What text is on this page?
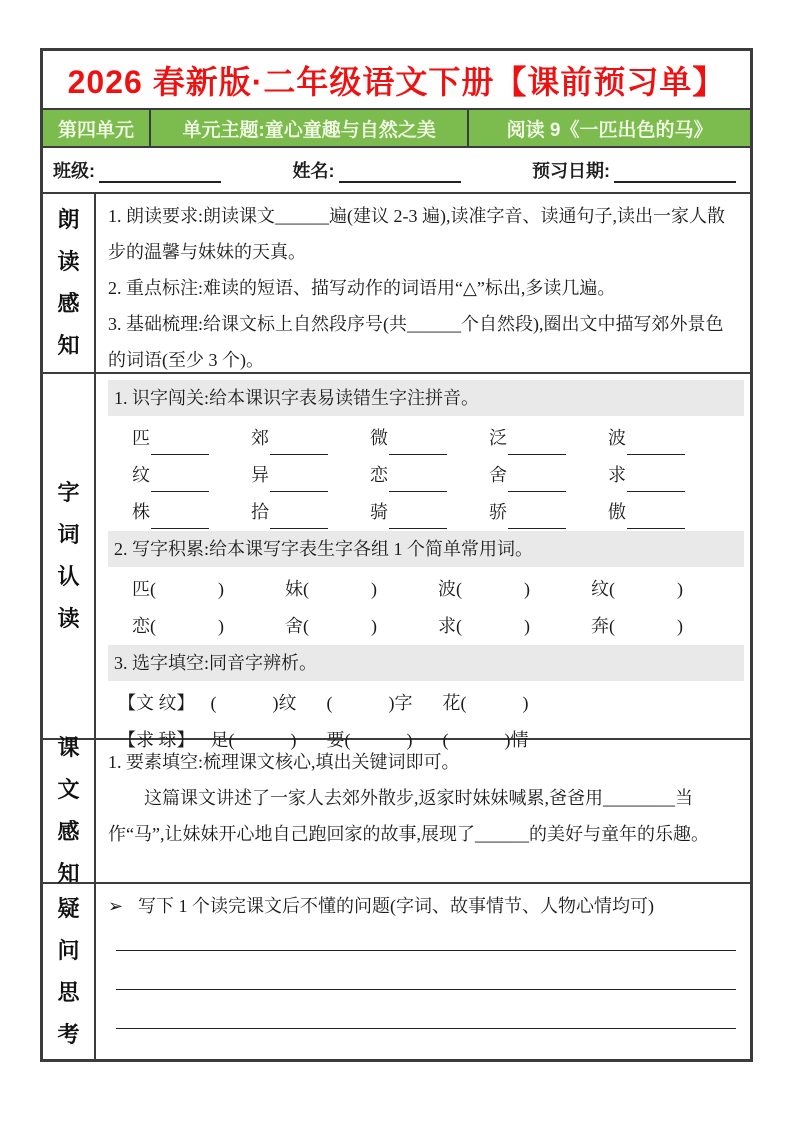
2026 春新版·二年级语文下册【课前预习单】
第四单元	单元主题:童心童趣与自然之美	阅读 9《一匹出色的马》
班级:	姓名:	预习日期:
朗读感知

1. 朗读要求:朗读课文______遍(建议 2-3 遍),读准字音、读通句子,读出一家人散步的温馨与妹妹的天真。

2. 重点标注:难读的短语、描写动作的词语用“△”标出,多读几遍。

3. 基础梳理:给课文标上自然段序号(共______个自然段),圈出文中描写郊外景色的词语(至少 3 个)。

字词认读
1. 识字闯关:给本课识字表易读错生字注拼音。
匹	郊	微	泛	波
纹	异	恋	舍	求
株	拾	骑	骄	傲
2. 写字积累:给本课写字表生字各组 1 个简单常用词。
匹 (	)	妹 (	)	波 (	)	纹 (	)
恋 (	)	舍 (	)	求 (	)	奔 (	)
3. 选字填空:同音字辨析。
【文 纹】 (	) 纹 (	) 字 花 (	)
【求 球】 足 (	) 要 (	) (	) 情
课文感知

1. 要素填空:梳理课文核心,填出关键词即可。

这篇课文讲述了一家人去郊外散步,返家时妹妹喊累,爸爸用________当作“马”,让妹妹开心地自己跑回家的故事,展现了______的美好与童年的乐趣。

疑问思考
➢ 写下 1 个读完课文后不懂的问题(字词、故事情节、人物心情均可)
